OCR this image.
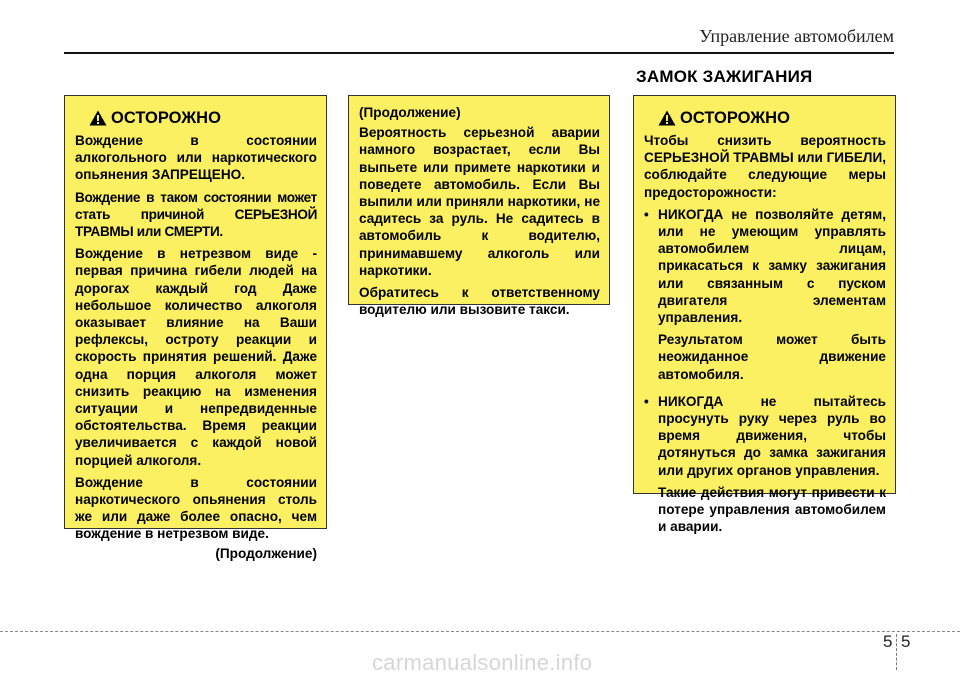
Управление автомобилем
ЗАМОК ЗАЖИГАНИЯ
ОСТОРОЖНО

Вождение в состоянии алкогольного или наркотического опьянения ЗАПРЕЩЕНО.

Вождение в таком состоянии может стать причиной СЕРЬЕЗНОЙ ТРАВМЫ или СМЕРТИ.

Вождение в нетрезвом виде - первая причина гибели людей на дорогах каждый год Даже небольшое количество алкоголя оказывает влияние на Ваши рефлексы, остроту реакции и скорость принятия решений. Даже одна порция алкоголя может снизить реакцию на изменения ситуации и непредвиденные обстоятельства. Время реакции увеличивается с каждой новой порцией алкоголя.

Вождение в состоянии наркотического опьянения столь же или даже более опасно, чем вождение в нетрезвом виде.

(Продолжение)

(Продолжение)

Вероятность серьезной аварии намного возрастает, если Вы выпьете или примете наркотики и поведете автомобиль. Если Вы выпили или приняли наркотики, не садитесь за руль. Не садитесь в автомобиль к водителю, принимавшему алкоголь или наркотики.

Обратитесь к ответственному водителю или вызовите такси.

ОСТОРОЖНО

Чтобы снизить вероятность СЕРЬЕЗНОЙ ТРАВМЫ или ГИБЕЛИ, соблюдайте следующие меры предосторожности:

• НИКОГДА не позволяйте детям, или не умеющим управлять автомобилем лицам, прикасаться к замку зажигания или связанным с пуском двигателя элементам управления.

Результатом может быть неожиданное движение автомобиля.

• НИКОГДА не пытайтесь просунуть руку через руль во время движения, чтобы дотянуться до замка зажигания или других органов управления.

Такие действия могут привести к потере управления автомобилем и аварии.

5 5
carmanualsonline.info
